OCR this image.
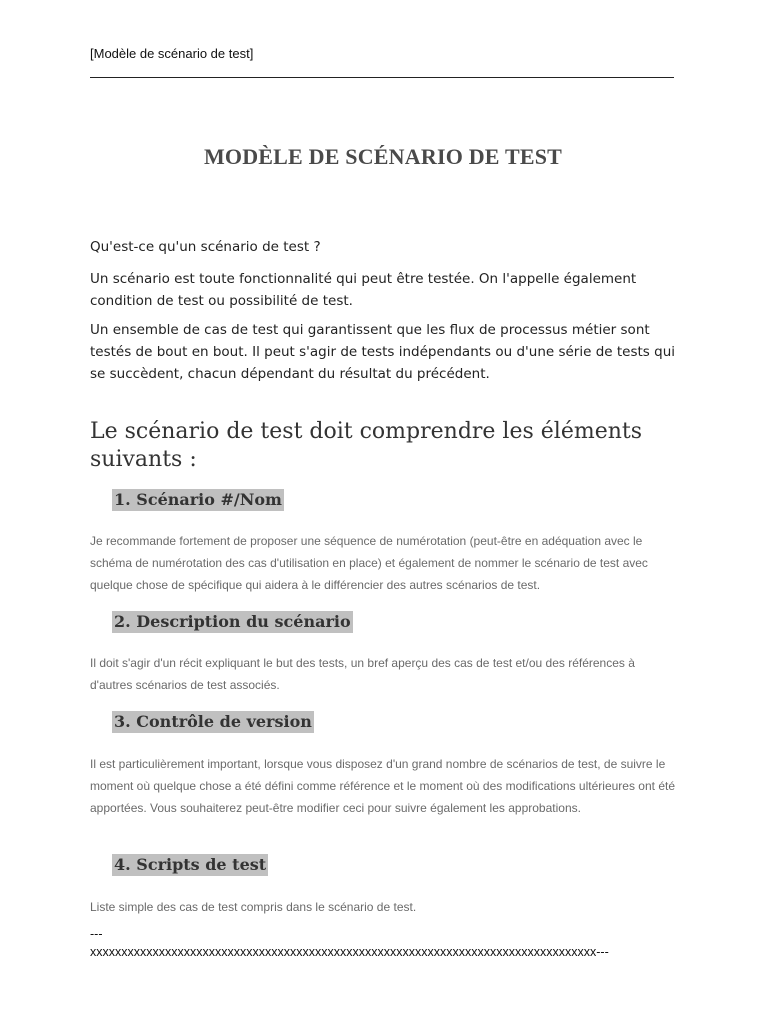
[Modèle de scénario de test]
MODÈLE DE SCÉNARIO DE TEST

Qu'est-ce qu'un scénario de test ?

Un scénario est toute fonctionnalité qui peut être testée. On l'appelle également condition de test ou possibilité de test.

Un ensemble de cas de test qui garantissent que les flux de processus métier sont testés de bout en bout. Il peut s'agir de tests indépendants ou d'une série de tests qui se succèdent, chacun dépendant du résultat du précédent.

Le scénario de test doit comprendre les éléments suivants :
1. Scénario #/Nom

Je recommande fortement de proposer une séquence de numérotation (peut-être en adéquation avec le schéma de numérotation des cas d'utilisation en place) et également de nommer le scénario de test avec quelque chose de spécifique qui aidera à le différencier des autres scénarios de test.

2. Description du scénario

Il doit s'agir d'un récit expliquant le but des tests, un bref aperçu des cas de test et/ou des références à d'autres scénarios de test associés.

3. Contrôle de version

Il est particulièrement important, lorsque vous disposez d'un grand nombre de scénarios de test, de suivre le moment où quelque chose a été défini comme référence et le moment où des modifications ultérieures ont été apportées. Vous souhaiterez peut-être modifier ceci pour suivre également les approbations.

4. Scripts de test

Liste simple des cas de test compris dans le scénario de test.

---

xxxxxxxxxxxxxxxxxxxxxxxxxxxxxxxxxxxxxxxxxxxxxxxxxxxxxxxxxxxxxxxxxxxxxxxxxxxxxxxxx---
